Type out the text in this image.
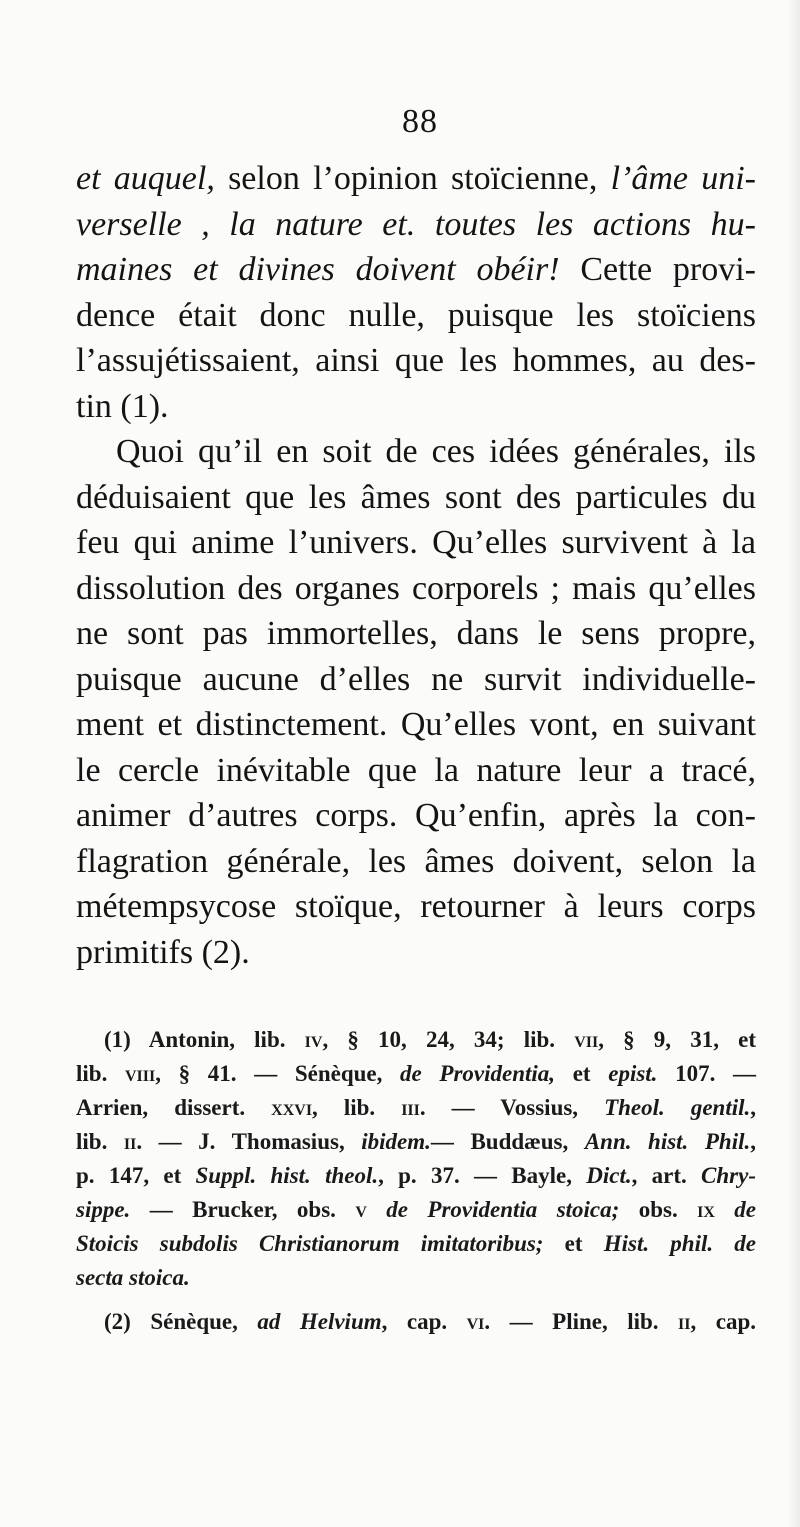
88
et auquel, selon l’opinion stoïcienne, l’âme uni-
verselle , la nature et. toutes les actions hu-
maines et divines doivent obéir! Cette provi-
dence était donc nulle, puisque les stoïciens
l’assujétissaient, ainsi que les hommes, au des-
tin (1).
Quoi qu’il en soit de ces idées générales, ils
déduisaient que les âmes sont des particules du
feu qui anime l’univers. Qu’elles survivent à la
dissolution des organes corporels ; mais qu’elles
ne sont pas immortelles, dans le sens propre,
puisque aucune d’elles ne survit individuelle-
ment et distinctement. Qu’elles vont, en suivant
le cercle inévitable que la nature leur a tracé,
animer d’autres corps. Qu’enfin, après la con-
flagration générale, les âmes doivent, selon la
métempsycose stoïque, retourner à leurs corps
primitifs (2).
(1) Antonin, lib. iv, § 10, 24, 34; lib. vii, § 9, 31, et
lib. viii, § 41. — Sénèque, de Providentia, et epist. 107. —
Arrien, dissert. xxvi, lib. iii. — Vossius, Theol. gentil.,
lib. ii. — J. Thomasius, ibidem.— Buddæus, Ann. hist. Phil.,
p. 147, et Suppl. hist. theol., p. 37. — Bayle, Dict., art. Chry-
sippe. — Brucker, obs. v de Providentia stoica; obs. ix de
Stoicis subdolis Christianorum imitatoribus; et Hist. phil. de
secta stoica.
(2) Sénèque, ad Helvium, cap. vi. — Pline, lib. ii, cap.
